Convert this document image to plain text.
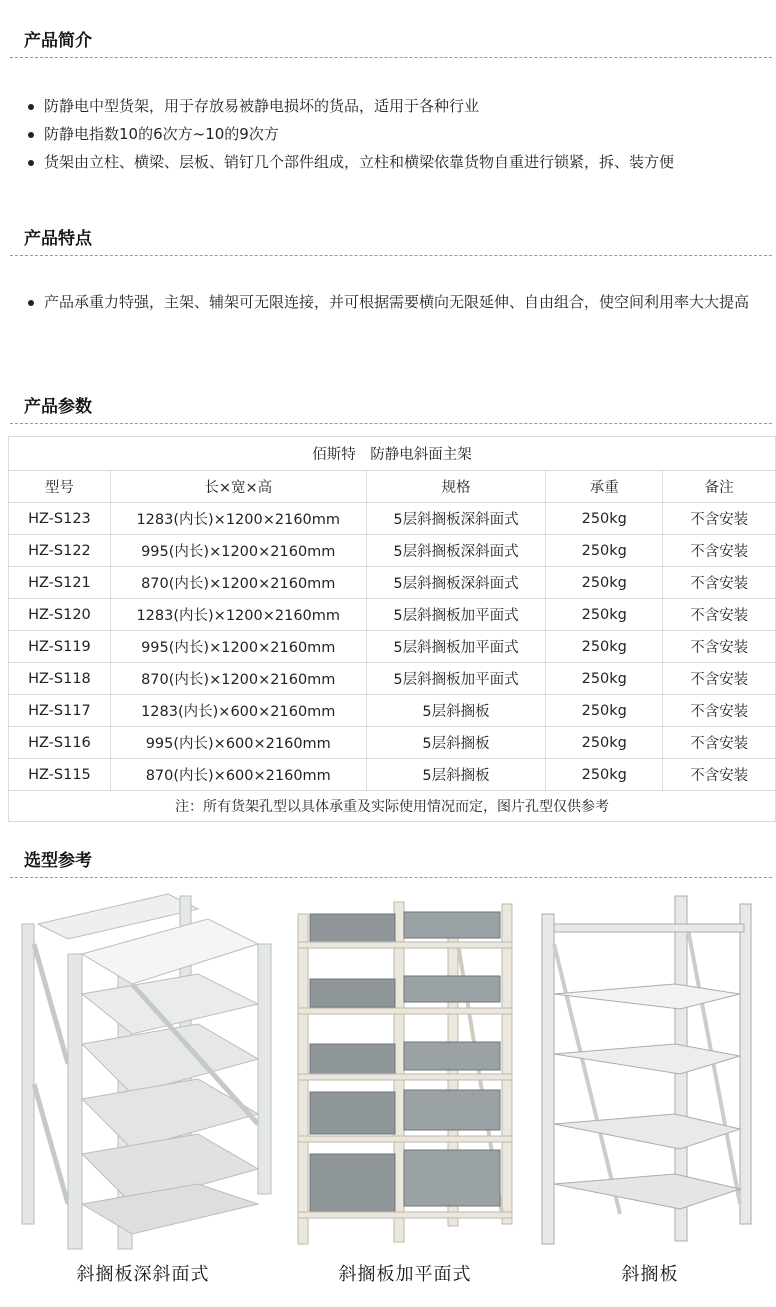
产品简介
防静电中型货架，用于存放易被静电损坏的货品，适用于各种行业
防静电指数10的6次方~10的9次方
货架由立柱、横梁、层板、销钉几个部件组成，立柱和横梁依靠货物自重进行锁紧，拆、装方便
产品特点
产品承重力特强，主架、辅架可无限连接，并可根据需要横向无限延伸、自由组合，使空间利用率大大提高
产品参数
佰斯特　防静电斜面主架				
型号	长×宽×高	规格	承重	备注
HZ-S123	1283(内长)×1200×2160mm	5层斜搁板深斜面式	250kg	不含安装
HZ-S122	995(内长)×1200×2160mm	5层斜搁板深斜面式	250kg	不含安装
HZ-S121	870(内长)×1200×2160mm	5层斜搁板深斜面式	250kg	不含安装
HZ-S120	1283(内长)×1200×2160mm	5层斜搁板加平面式	250kg	不含安装
HZ-S119	995(内长)×1200×2160mm	5层斜搁板加平面式	250kg	不含安装
HZ-S118	870(内长)×1200×2160mm	5层斜搁板加平面式	250kg	不含安装
HZ-S117	1283(内长)×600×2160mm	5层斜搁板	250kg	不含安装
HZ-S116	995(内长)×600×2160mm	5层斜搁板	250kg	不含安装
HZ-S115	870(内长)×600×2160mm	5层斜搁板	250kg	不含安装
注：所有货架孔型以具体承重及实际使用情况而定，图片孔型仅供参考				
选型参考
斜搁板深斜面式	斜搁板加平面式	斜搁板
